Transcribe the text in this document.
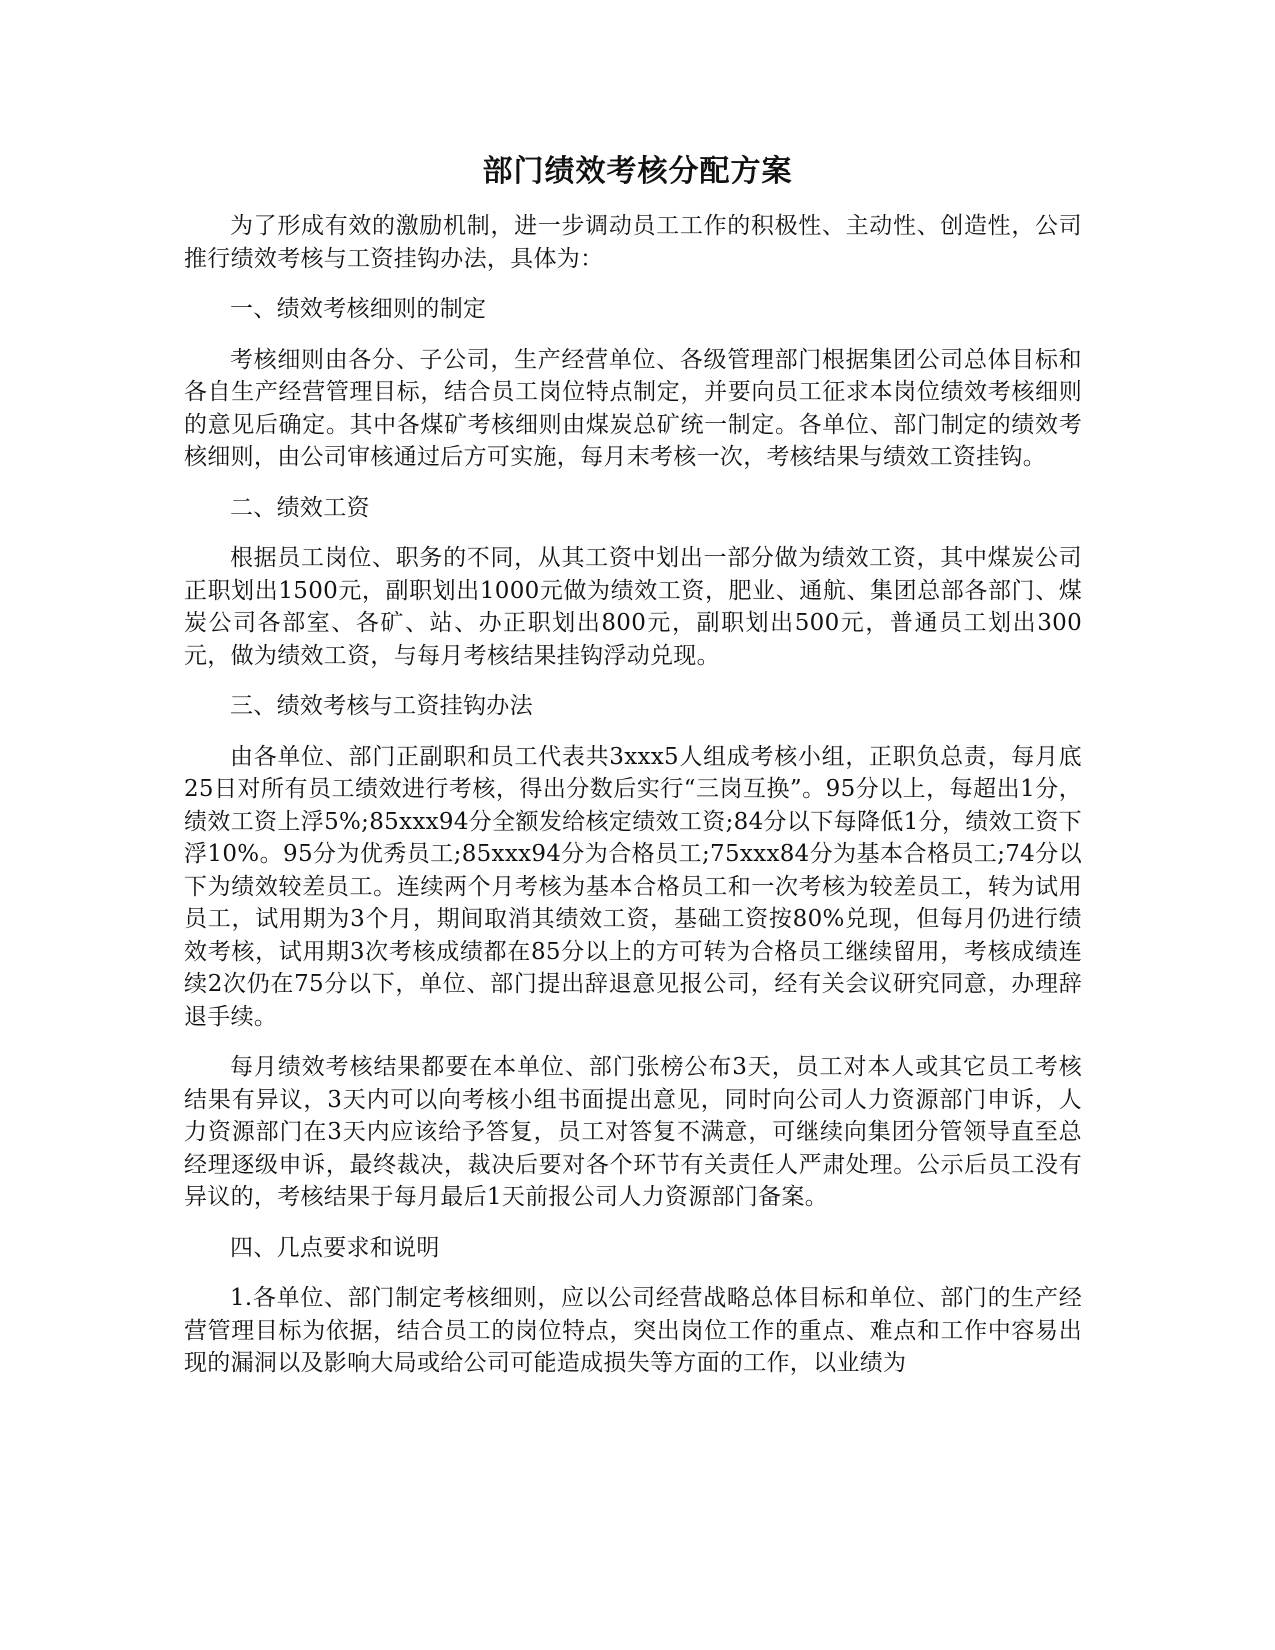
部门绩效考核分配方案

为了形成有效的激励机制，进一步调动员工工作的积极性、主动性、创造性，公司推行绩效考核与工资挂钩办法，具体为：

一、绩效考核细则的制定

考核细则由各分、子公司，生产经营单位、各级管理部门根据集团公司总体目标和各自生产经营管理目标，结合员工岗位特点制定，并要向员工征求本岗位绩效考核细则的意见后确定。其中各煤矿考核细则由煤炭总矿统一制定。各单位、部门制定的绩效考核细则，由公司审核通过后方可实施，每月末考核一次，考核结果与绩效工资挂钩。

二、绩效工资

根据员工岗位、职务的不同，从其工资中划出一部分做为绩效工资，其中煤炭公司正职划出1500元，副职划出1000元做为绩效工资，肥业、通航、集团总部各部门、煤炭公司各部室、各矿、站、办正职划出800元，副职划出500元，普通员工划出300元，做为绩效工资，与每月考核结果挂钩浮动兑现。

三、绩效考核与工资挂钩办法

由各单位、部门正副职和员工代表共3xxx5人组成考核小组，正职负总责，每月底25日对所有员工绩效进行考核，得出分数后实行“三岗互换”。95分以上，每超出1分，绩效工资上浮5%;85xxx94分全额发给核定绩效工资;84分以下每降低1分，绩效工资下浮10%。95分为优秀员工;85xxx94分为合格员工;75xxx84分为基本合格员工;74分以下为绩效较差员工。连续两个月考核为基本合格员工和一次考核为较差员工，转为试用员工，试用期为3个月，期间取消其绩效工资，基础工资按80%兑现，但每月仍进行绩效考核，试用期3次考核成绩都在85分以上的方可转为合格员工继续留用，考核成绩连续2次仍在75分以下，单位、部门提出辞退意见报公司，经有关会议研究同意，办理辞退手续。

每月绩效考核结果都要在本单位、部门张榜公布3天，员工对本人或其它员工考核结果有异议，3天内可以向考核小组书面提出意见，同时向公司人力资源部门申诉，人力资源部门在3天内应该给予答复，员工对答复不满意，可继续向集团分管领导直至总经理逐级申诉，最终裁决，裁决后要对各个环节有关责任人严肃处理。公示后员工没有异议的，考核结果于每月最后1天前报公司人力资源部门备案。

四、几点要求和说明

1.各单位、部门制定考核细则，应以公司经营战略总体目标和单位、部门的生产经营管理目标为依据，结合员工的岗位特点，突出岗位工作的重点、难点和工作中容易出现的漏洞以及影响大局或给公司可能造成损失等方面的工作，以业绩为
